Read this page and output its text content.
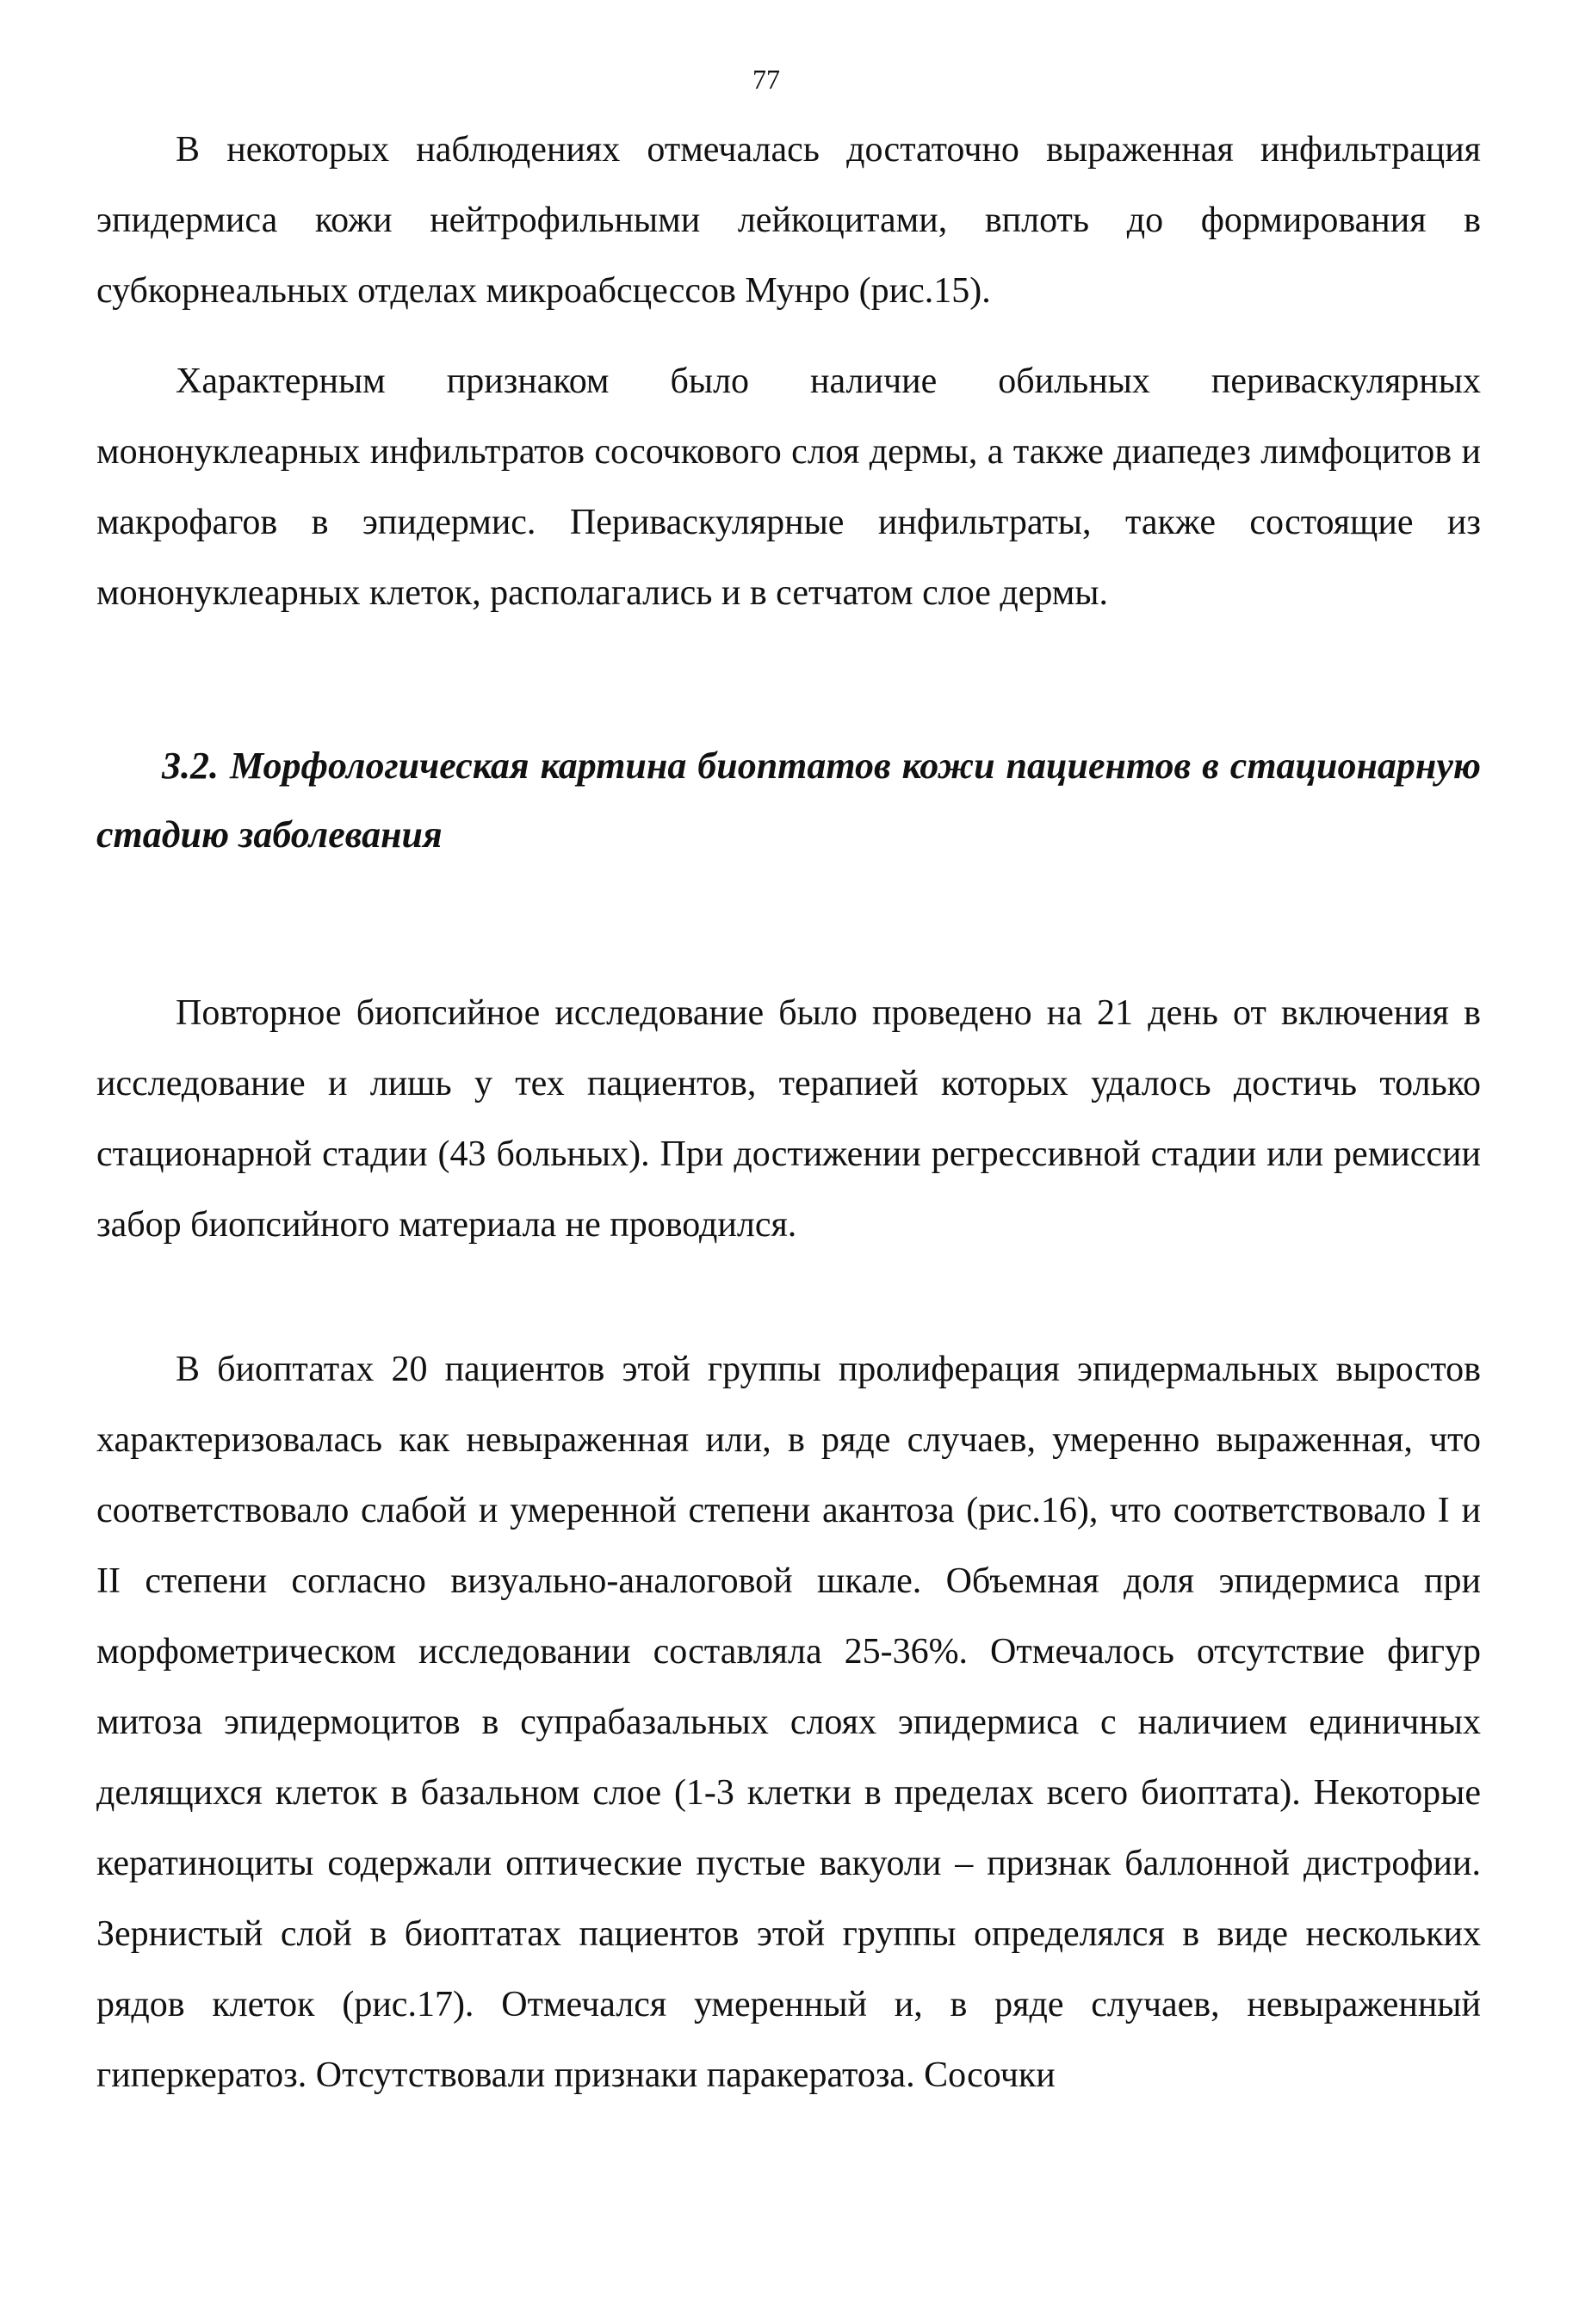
77

В некоторых наблюдениях отмечалась достаточно выраженная инфильтрация эпидермиса кожи нейтрофильными лейкоцитами, вплоть до формирования в субкорнеальных отделах микроабсцессов Мунро (рис.15).

Характерным признаком было наличие обильных периваскулярных мононуклеарных инфильтратов сосочкового слоя дермы, а также диапедез лимфоцитов и макрофагов в эпидермис. Периваскулярные инфильтраты, также состоящие из мононуклеарных клеток, располагались и в сетчатом слое дермы.

3.2. Морфологическая картина биоптатов кожи пациентов в стационарную стадию заболевания

Повторное биопсийное исследование было проведено на 21 день от включения в исследование и лишь у тех пациентов, терапией которых удалось достичь только стационарной стадии (43 больных). При достижении регрессивной стадии или ремиссии забор биопсийного материала не проводился.

В биоптатах 20 пациентов этой группы пролиферация эпидермальных выростов характеризовалась как невыраженная или, в ряде случаев, умеренно выраженная, что соответствовало слабой и умеренной степени акантоза (рис.16), что соответствовало I и II степени согласно визуально-аналоговой шкале. Объемная доля эпидермиса при морфометрическом исследовании составляла 25-36%. Отмечалось отсутствие фигур митоза эпидермоцитов в супрабазальных слоях эпидермиса с наличием единичных делящихся клеток в базальном слое (1-3 клетки в пределах всего биоптата). Некоторые кератиноциты содержали оптические пустые вакуоли – признак баллонной дистрофии. Зернистый слой в биоптатах пациентов этой группы определялся в виде нескольких рядов клеток (рис.17). Отмечался умеренный и, в ряде случаев, невыраженный гиперкератоз. Отсутствовали признаки паракератоза. Сосочки
